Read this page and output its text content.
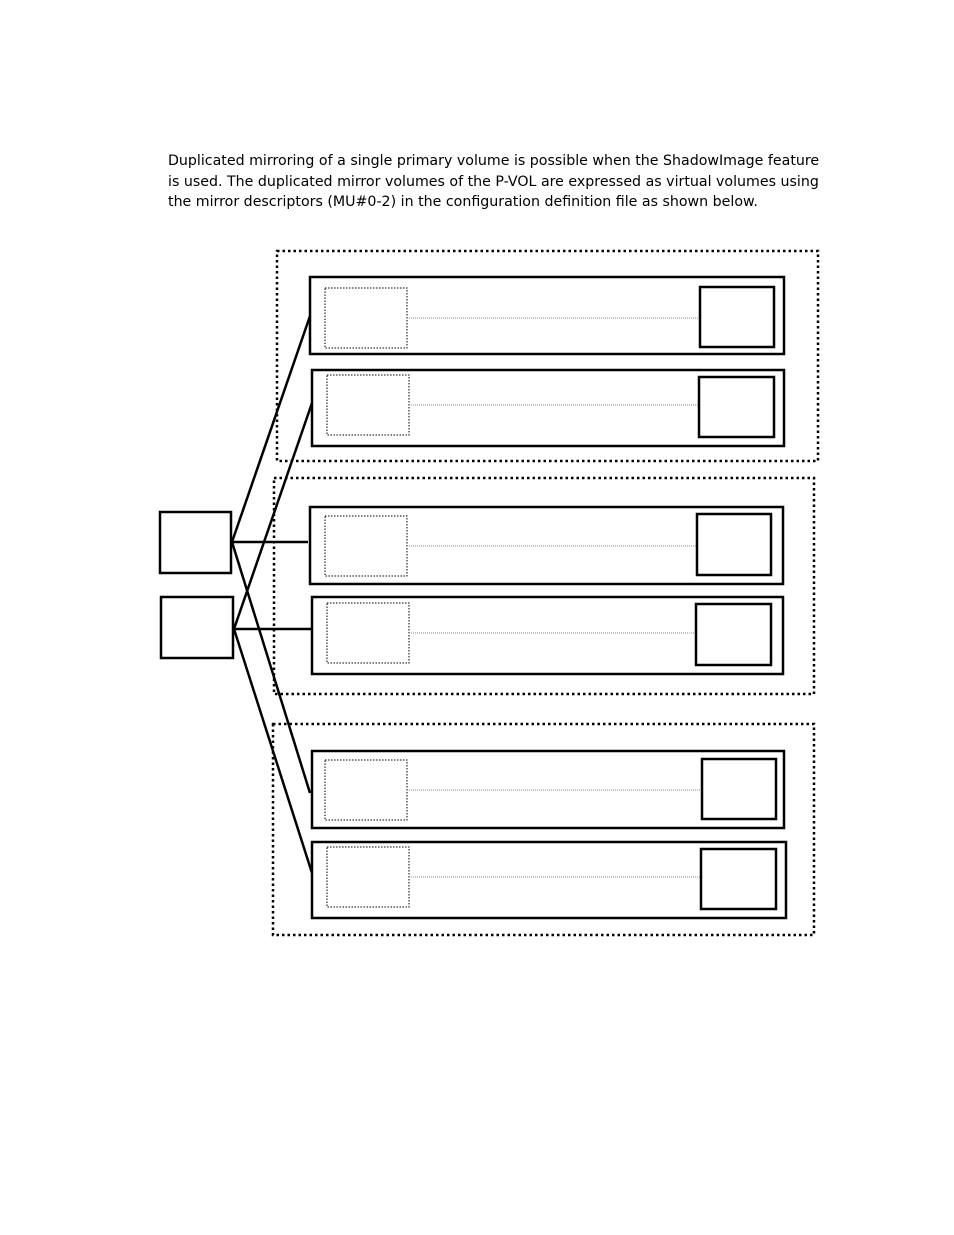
Duplicated mirroring of a single primary volume is possible when the ShadowImage feature is used. The duplicated mirror volumes of the P-VOL are expressed as virtual volumes using the mirror descriptors (MU#0-2) in the configuration definition file as shown below.
